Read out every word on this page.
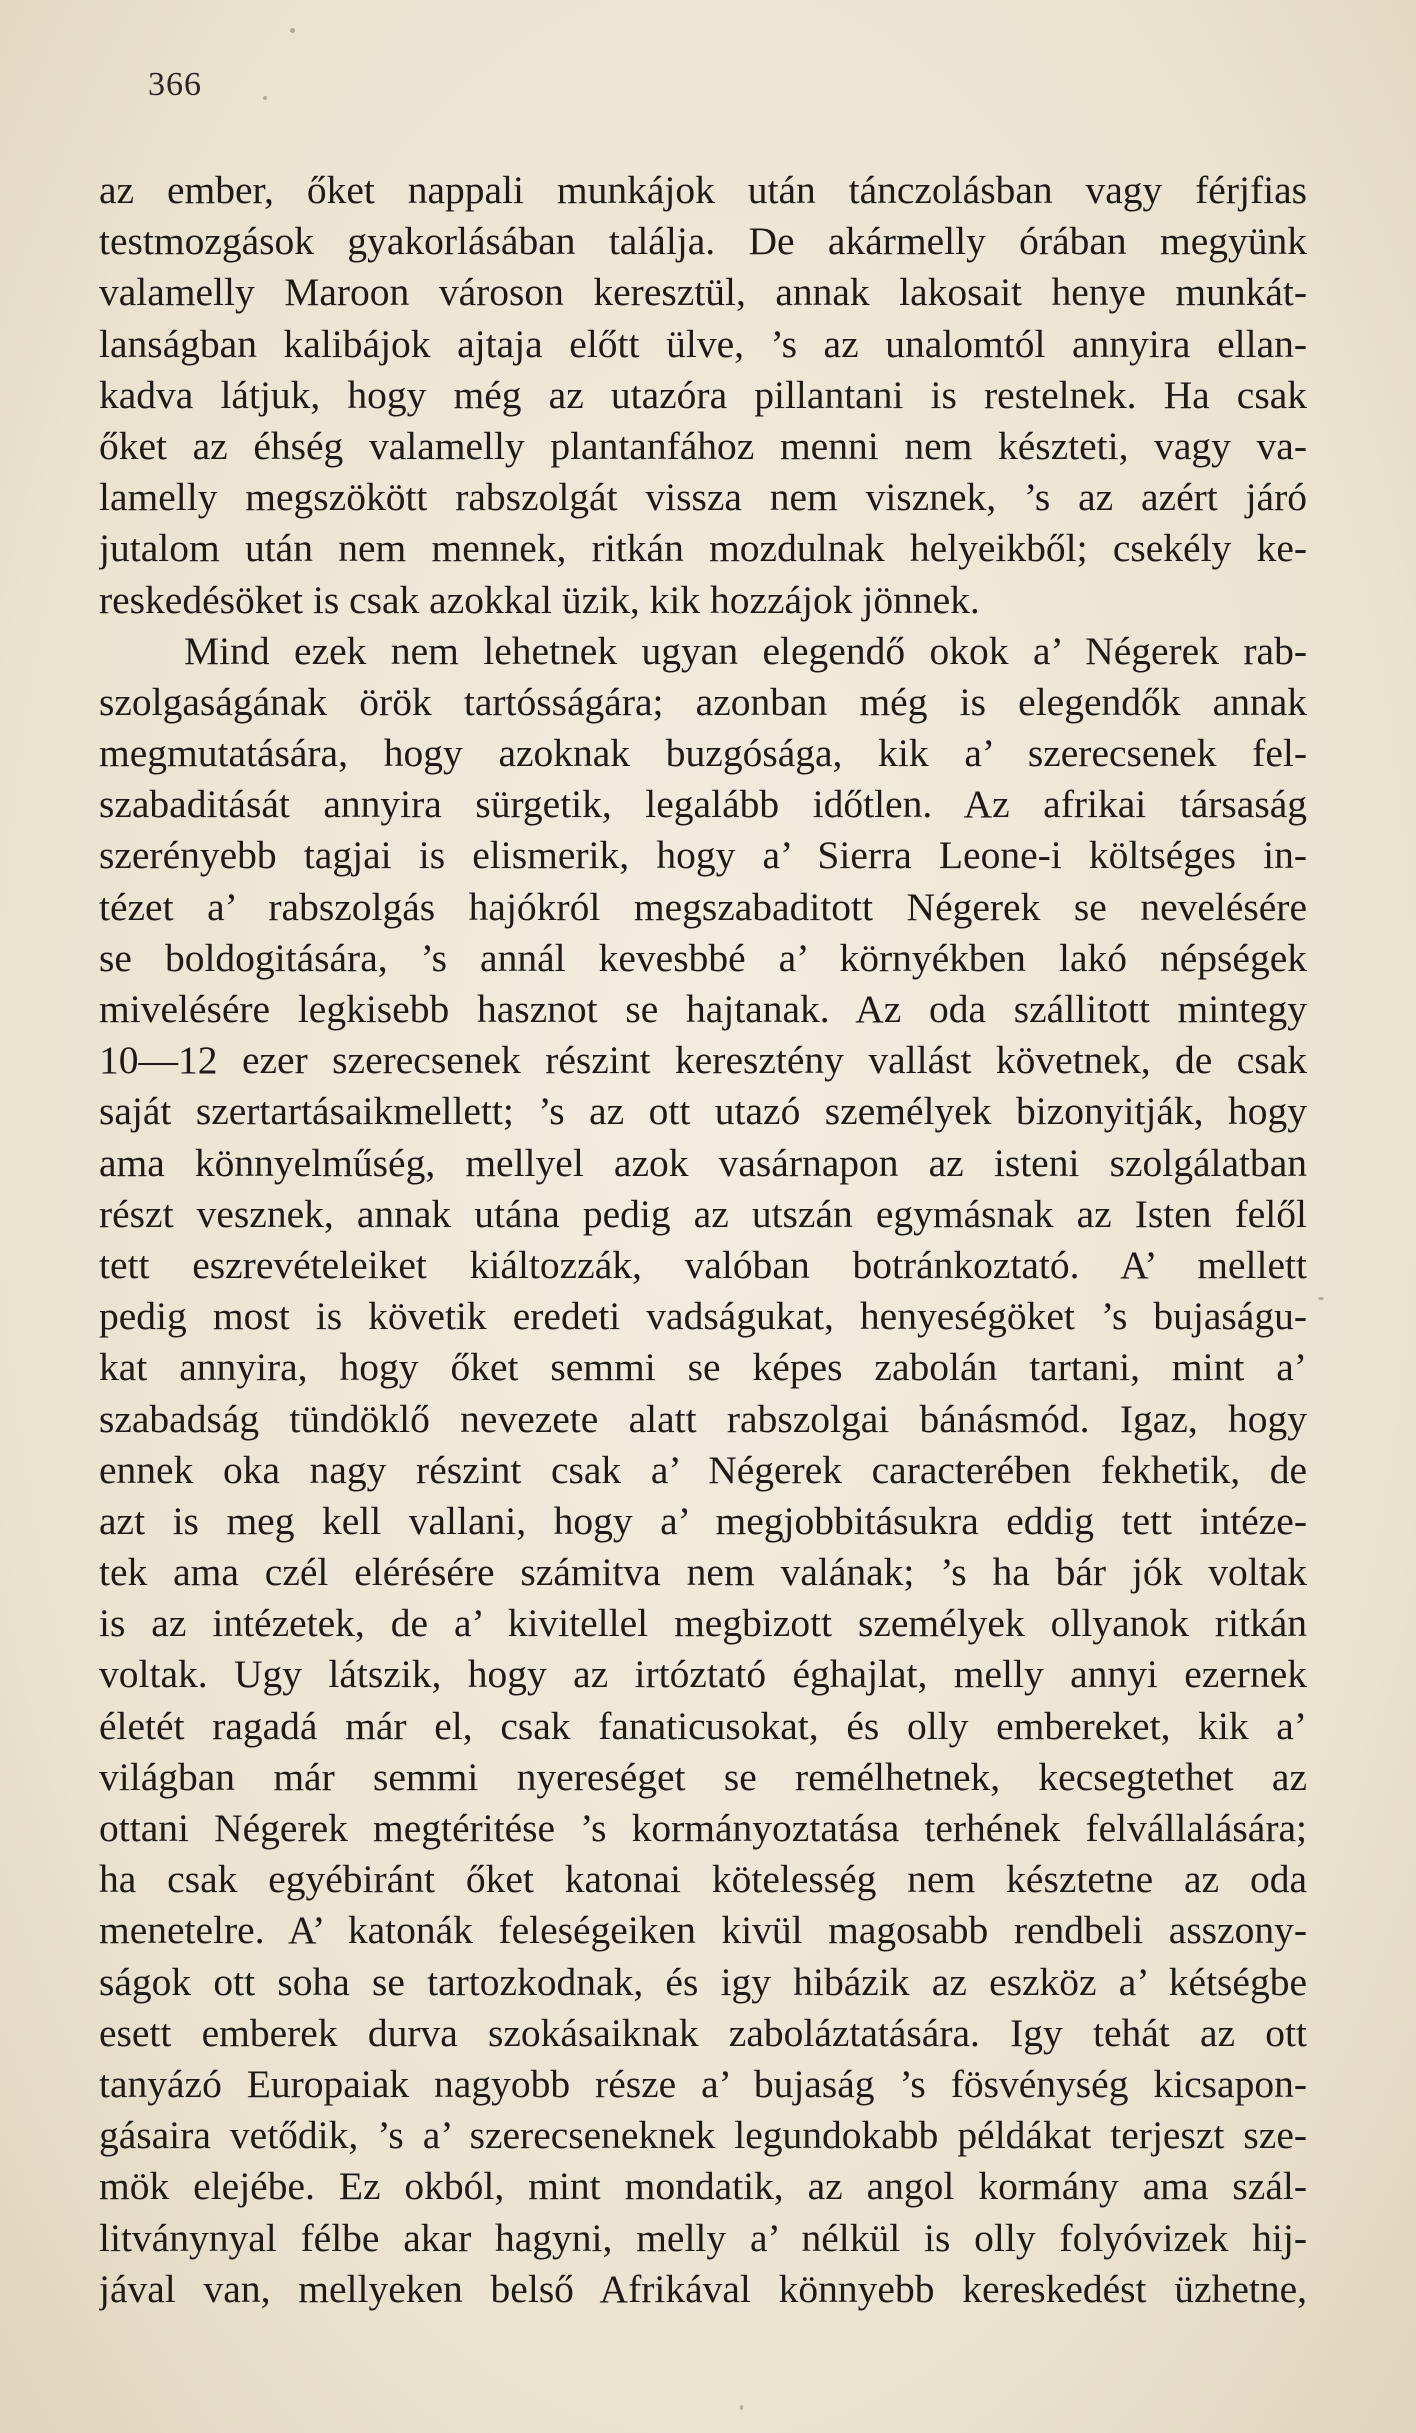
366
az ember, őket nappali munkájok után tánczolásban vagy férjfias
testmozgások gyakorlásában találja. De akármelly órában megyünk
valamelly Maroon városon keresztül, annak lakosait henye munkát-
lanságban kalibájok ajtaja előtt ülve, ’s az unalomtól annyira ellan-
kadva látjuk, hogy még az utazóra pillantani is restelnek. Ha csak
őket az éhség valamelly plantanfához menni nem készteti, vagy va-
lamelly megszökött rabszolgát vissza nem visznek, ’s az azért járó
jutalom után nem mennek, ritkán mozdulnak helyeikből; csekély ke-
reskedésöket is csak azokkal üzik, kik hozzájok jönnek.
Mind ezek nem lehetnek ugyan elegendő okok a’ Négerek rab-
szolgaságának örök tartósságára; azonban még is elegendők annak
megmutatására, hogy azoknak buzgósága, kik a’ szerecsenek fel-
szabaditását annyira sürgetik, legalább időtlen. Az afrikai társaság
szerényebb tagjai is elismerik, hogy a’ Sierra Leone-i költséges in-
tézet a’ rabszolgás hajókról megszabaditott Négerek se nevelésére
se boldogitására, ’s annál kevesbbé a’ környékben lakó népségek
mivelésére legkisebb hasznot se hajtanak. Az oda szállitott mintegy
10—12 ezer szerecsenek részint keresztény vallást követnek, de csak
saját szertartásaikmellett; ’s az ott utazó személyek bizonyitják, hogy
ama könnyelműség, mellyel azok vasárnapon az isteni szolgálatban
részt vesznek, annak utána pedig az utszán egymásnak az Isten felől
tett eszrevételeiket kiáltozzák, valóban botránkoztató. A’ mellett
pedig most is követik eredeti vadságukat, henyeségöket ’s bujaságu-
kat annyira, hogy őket semmi se képes zabolán tartani, mint a’
szabadság tündöklő nevezete alatt rabszolgai bánásmód. Igaz, hogy
ennek oka nagy részint csak a’ Négerek caracterében fekhetik, de
azt is meg kell vallani, hogy a’ megjobbitásukra eddig tett intéze-
tek ama czél elérésére számitva nem valának; ’s ha bár jók voltak
is az intézetek, de a’ kivitellel megbizott személyek ollyanok ritkán
voltak. Ugy látszik, hogy az irtóztató éghajlat, melly annyi ezernek
életét ragadá már el, csak fanaticusokat, és olly embereket, kik a’
világban már semmi nyereséget se remélhetnek, kecsegtethet az
ottani Négerek megtéritése ’s kormányoztatása terhének felvállalására;
ha csak egyébiránt őket katonai kötelesség nem késztetne az oda
menetelre. A’ katonák feleségeiken kivül magosabb rendbeli asszony-
ságok ott soha se tartozkodnak, és igy hibázik az eszköz a’ kétségbe
esett emberek durva szokásaiknak zaboláztatására. Igy tehát az ott
tanyázó Europaiak nagyobb része a’ bujaság ’s fösvénység kicsapon-
gásaira vetődik, ’s a’ szerecseneknek legundokabb példákat terjeszt sze-
mök elejébe. Ez okból, mint mondatik, az angol kormány ama szál-
litványnyal félbe akar hagyni, melly a’ nélkül is olly folyóvizek hij-
jával van, mellyeken belső Afrikával könnyebb kereskedést üzhetne,
